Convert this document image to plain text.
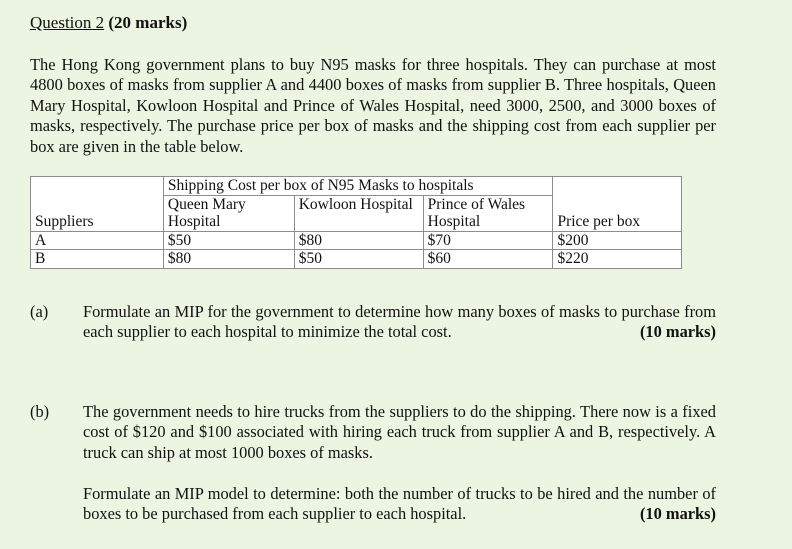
Question 2 (20 marks)
The Hong Kong government plans to buy N95 masks for three hospitals. They can purchase at most 4800 boxes of masks from supplier A and 4400 boxes of masks from supplier B. Three hospitals, Queen Mary Hospital, Kowloon Hospital and Prince of Wales Hospital, need 3000, 2500, and 3000 boxes of masks, respectively. The purchase price per box of masks and the shipping cost from each supplier per box are given in the table below.
Suppliers	Shipping Cost per box of N95 Masks to hospitals			Price per box
	Queen Mary Hospital	Kowloon Hospital	Prince of Wales Hospital	

A	$50	$80	$70	$200
B	$80	$50	$60	$220
(a) Formulate an MIP for the government to determine how many boxes of masks to purchase from each supplier to each hospital to minimize the total cost.	(10 marks)
(b) The government needs to hire trucks from the suppliers to do the shipping. There now is a fixed cost of $120 and $100 associated with hiring each truck from supplier A and B, respectively. A truck can ship at most 1000 boxes of masks.
Formulate an MIP model to determine: both the number of trucks to be hired and the number of boxes to be purchased from each supplier to each hospital.	(10 marks)
